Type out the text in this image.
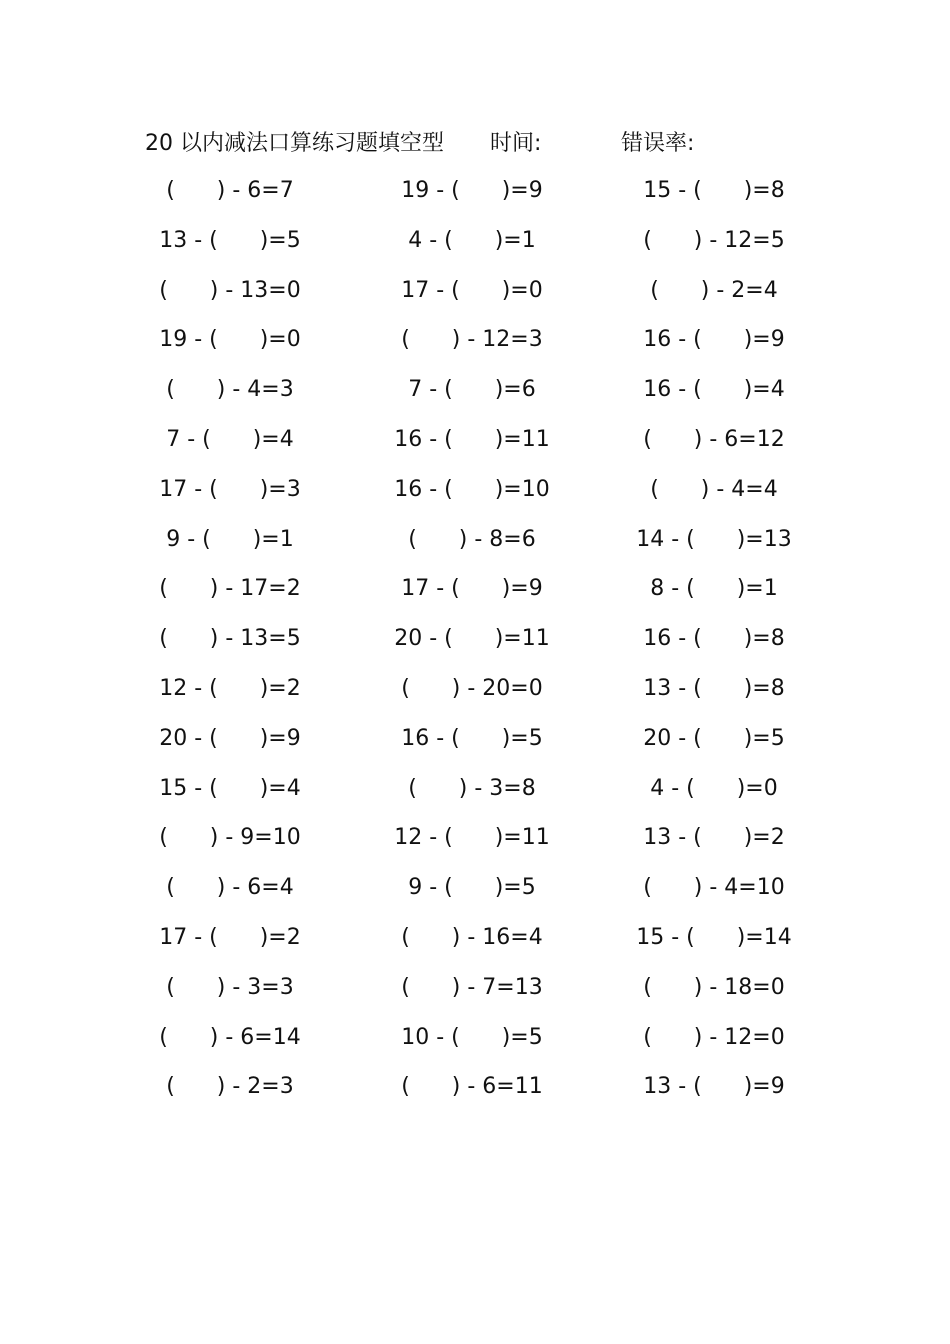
20 以内减法口算练习题填空型 时间:	错误率:
(      ) - 6=7	19 - (      )=9	15 - (      )=8
13 - (      )=5	4 - (      )=1	(      ) - 12=5
(      ) - 13=0	17 - (      )=0	(      ) - 2=4
19 - (      )=0	(      ) - 12=3	16 - (      )=9
(      ) - 4=3	7 - (      )=6	16 - (      )=4
7 - (      )=4	16 - (      )=11	(      ) - 6=12
17 - (      )=3	16 - (      )=10	(      ) - 4=4
9 - (      )=1	(      ) - 8=6	14 - (      )=13
(      ) - 17=2	17 - (      )=9	8 - (      )=1
(      ) - 13=5	20 - (      )=11	16 - (      )=8
12 - (      )=2	(      ) - 20=0	13 - (      )=8
20 - (      )=9	16 - (      )=5	20 - (      )=5
15 - (      )=4	(      ) - 3=8	4 - (      )=0
(      ) - 9=10	12 - (      )=11	13 - (      )=2
(      ) - 6=4	9 - (      )=5	(      ) - 4=10
17 - (      )=2	(      ) - 16=4	15 - (      )=14
(      ) - 3=3	(      ) - 7=13	(      ) - 18=0
(      ) - 6=14	10 - (      )=5	(      ) - 12=0
(      ) - 2=3	(      ) - 6=11	13 - (      )=9
